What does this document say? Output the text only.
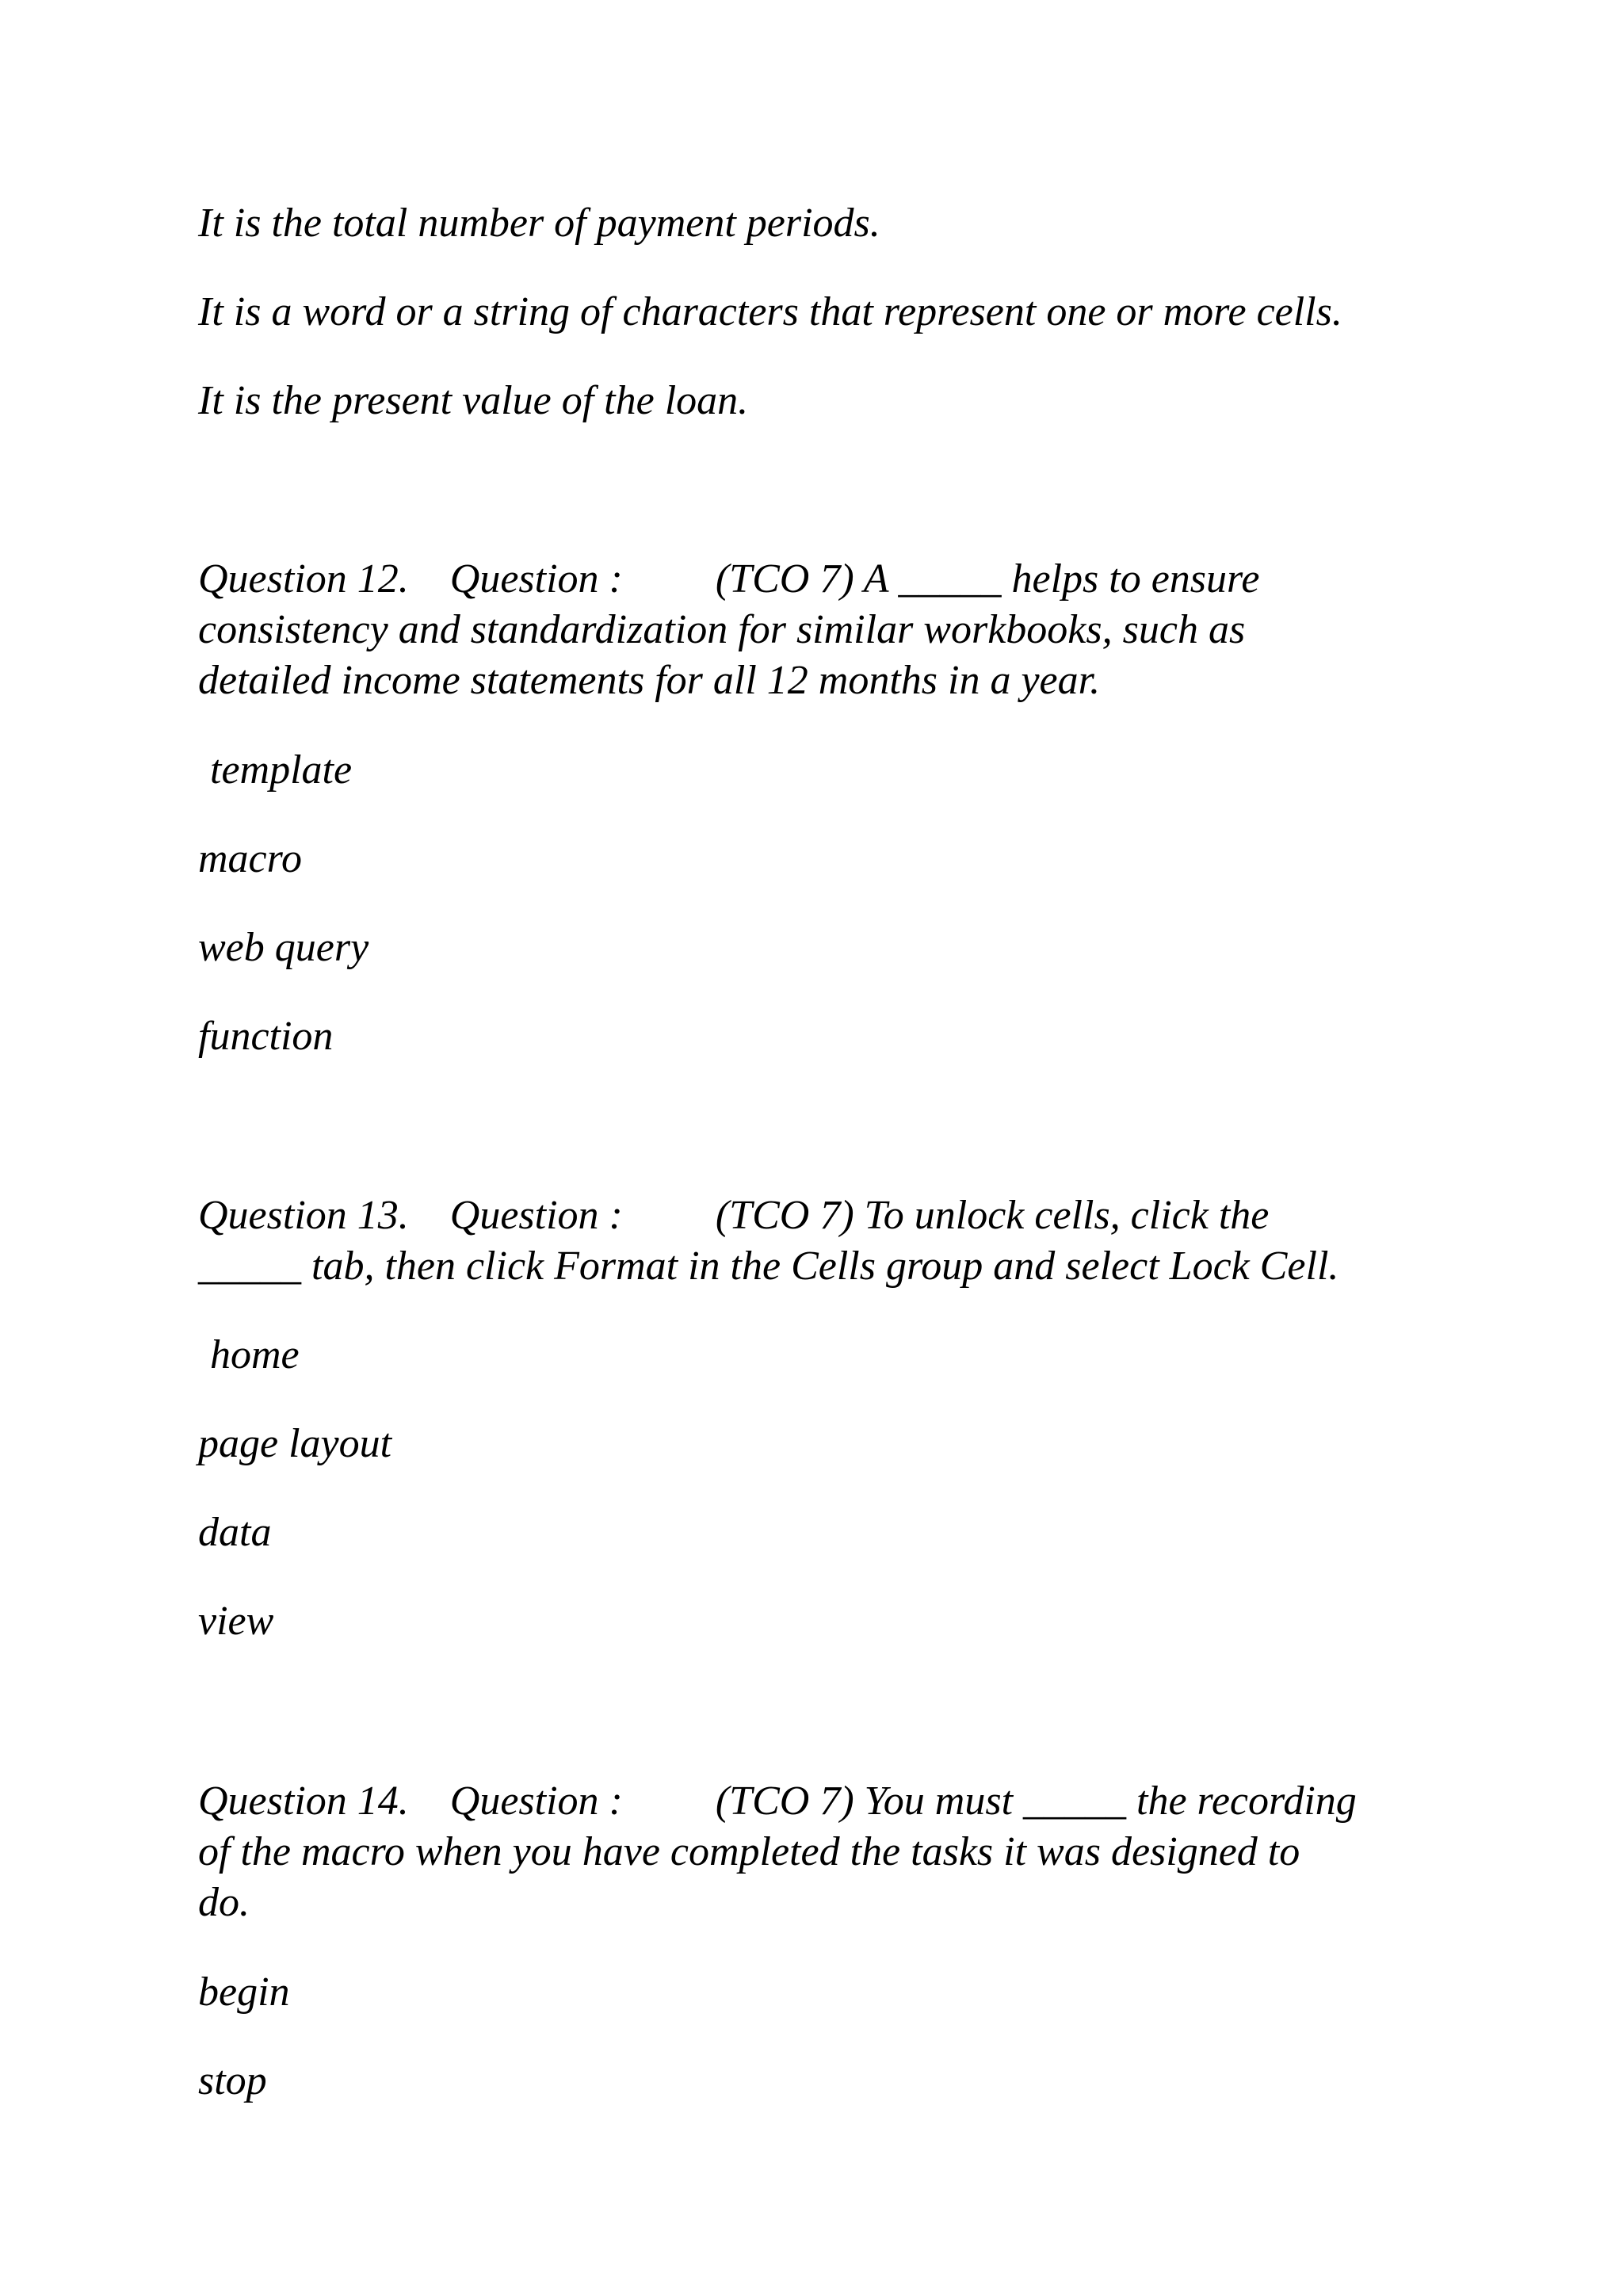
It is the total number of payment periods.

It is a word or a string of characters that represent one or more cells.

It is the present value of the loan.

Question 12.    Question :         (TCO 7) A _____ helps to ensure
consistency and standardization for similar workbooks, such as
detailed income statements for all 12 months in a year.

template

macro

web query

function

Question 13.    Question :         (TCO 7) To unlock cells, click the
_____ tab, then click Format in the Cells group and select Lock Cell.

home

page layout

data

view

Question 14.    Question :         (TCO 7) You must _____ the recording
of the macro when you have completed the tasks it was designed to
do.

begin

stop
